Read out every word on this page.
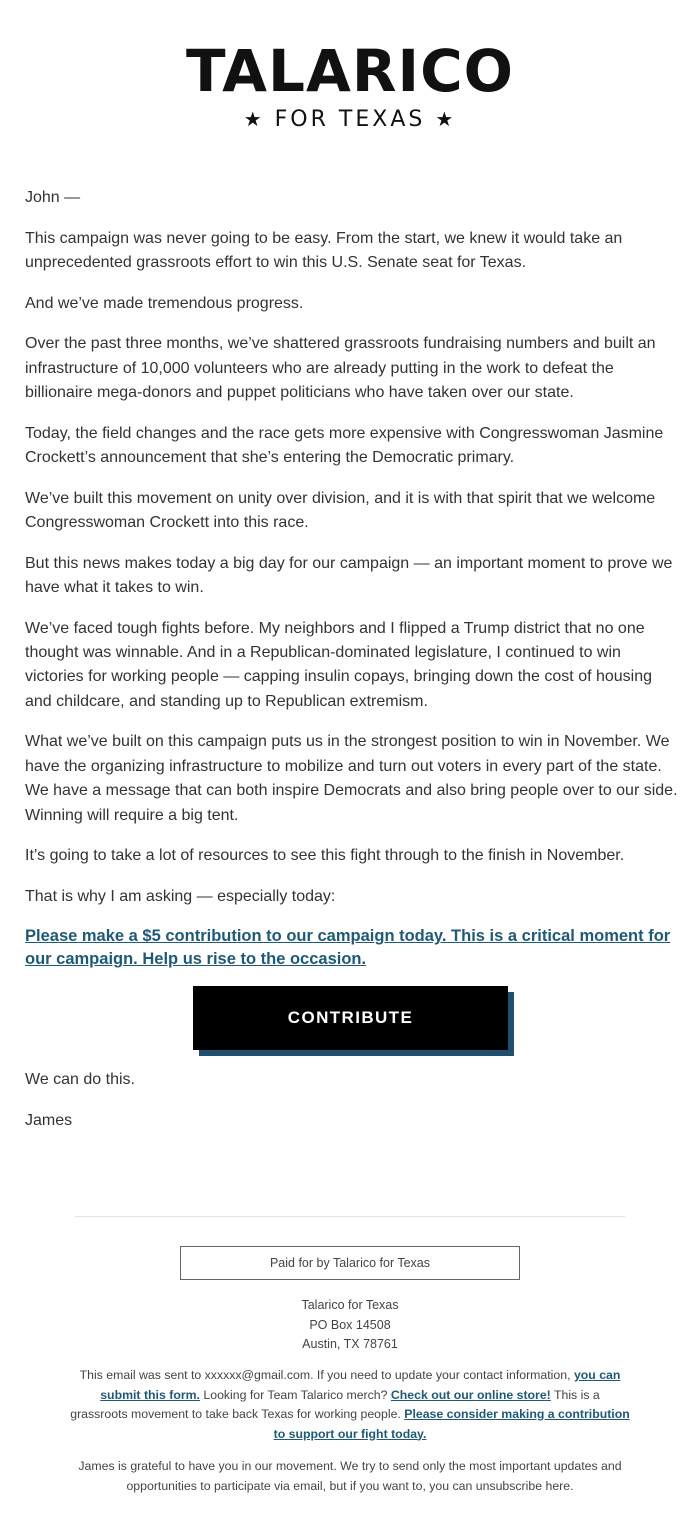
TALARICO
★ FOR TEXAS ★

John —

This campaign was never going to be easy. From the start, we knew it would take an unprecedented grassroots effort to win this U.S. Senate seat for Texas.

And we’ve made tremendous progress.

Over the past three months, we’ve shattered grassroots fundraising numbers and built an infrastructure of 10,000 volunteers who are already putting in the work to defeat the billionaire mega-donors and puppet politicians who have taken over our state.

Today, the field changes and the race gets more expensive with Congresswoman Jasmine Crockett’s announcement that she’s entering the Democratic primary.

We’ve built this movement on unity over division, and it is with that spirit that we welcome Congresswoman Crockett into this race.

But this news makes today a big day for our campaign — an important moment to prove we have what it takes to win.

We’ve faced tough fights before. My neighbors and I flipped a Trump district that no one thought was winnable. And in a Republican-dominated legislature, I continued to win victories for working people — capping insulin copays, bringing down the cost of housing and childcare, and standing up to Republican extremism.

What we’ve built on this campaign puts us in the strongest position to win in November. We have the organizing infrastructure to mobilize and turn out voters in every part of the state. We have a message that can both inspire Democrats and also bring people over to our side. Winning will require a big tent.

It’s going to take a lot of resources to see this fight through to the finish in November.

That is why I am asking — especially today:

Please make a $5 contribution to our campaign today. This is a critical moment for our campaign. Help us rise to the occasion.

CONTRIBUTE

We can do this.

James

Paid for by Talarico for Texas
Talarico for Texas
PO Box 14508
Austin, TX 78761
This email was sent to xxxxxx@gmail.com. If you need to update your contact information, you can submit this form. Looking for Team Talarico merch? Check out our online store! This is a grassroots movement to take back Texas for working people. Please consider making a contribution to support our fight today.
James is grateful to have you in our movement. We try to send only the most important updates and opportunities to participate via email, but if you want to, you can unsubscribe here.
